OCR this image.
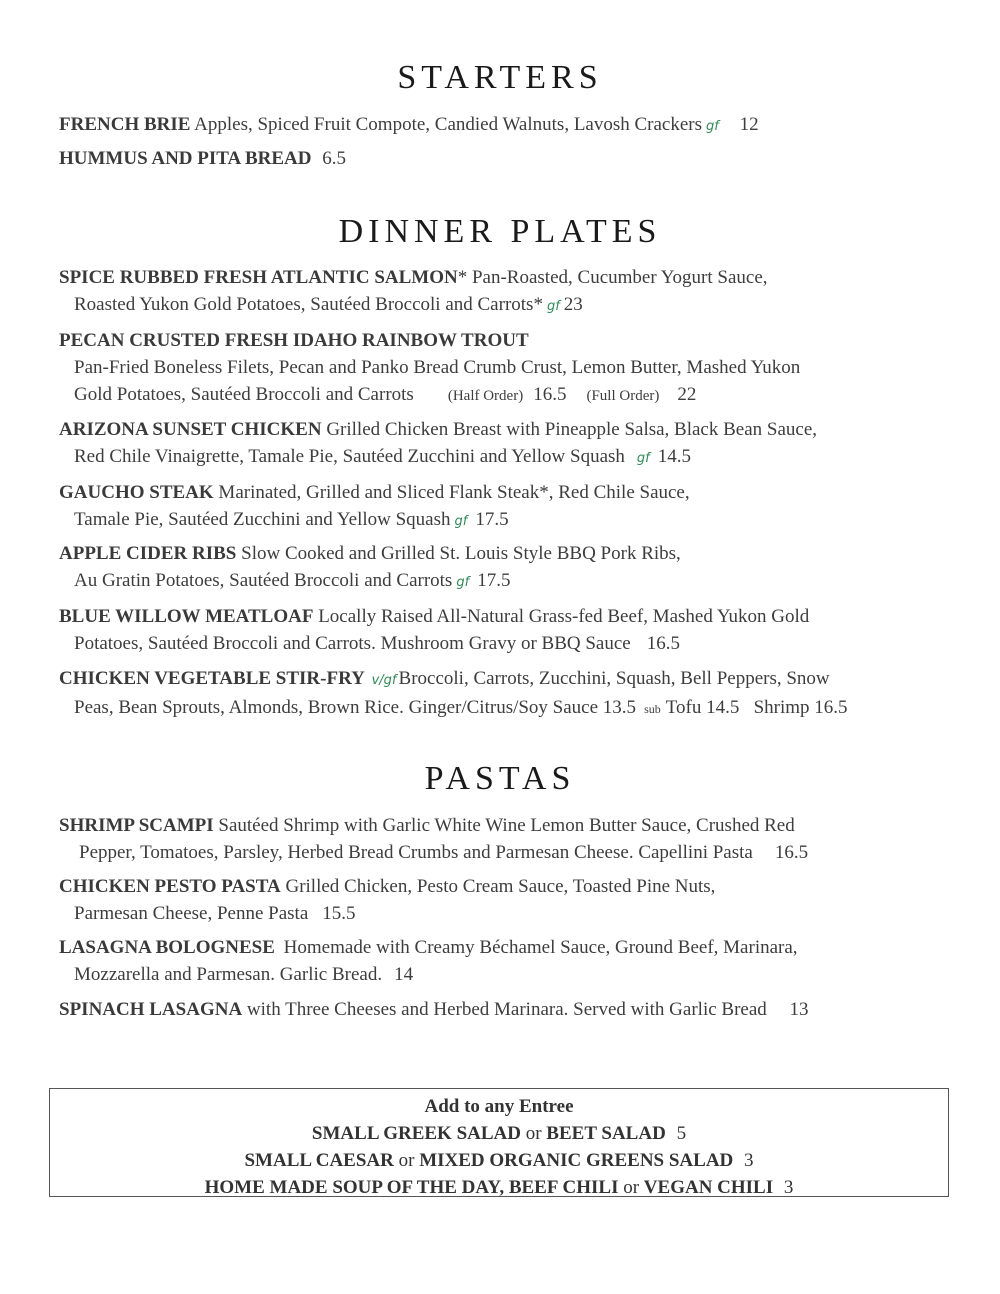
STARTERS
FRENCH BRIE Apples, Spiced Fruit Compote, Candied Walnuts, Lavosh Crackers gf 12
HUMMUS AND PITA BREAD 6.5
DINNER PLATES
SPICE RUBBED FRESH ATLANTIC SALMON* Pan-Roasted, Cucumber Yogurt Sauce,
Roasted Yukon Gold Potatoes, Sautéed Broccoli and Carrots* gf 23
PECAN CRUSTED FRESH IDAHO RAINBOW TROUT
Pan-Fried Boneless Filets, Pecan and Panko Bread Crumb Crust, Lemon Butter, Mashed Yukon
Gold Potatoes, Sautéed Broccoli and Carrots (Half Order) 16.5 (Full Order) 22
ARIZONA SUNSET CHICKEN Grilled Chicken Breast with Pineapple Salsa, Black Bean Sauce,
Red Chile Vinaigrette, Tamale Pie, Sautéed Zucchini and Yellow Squash gf 14.5
GAUCHO STEAK Marinated, Grilled and Sliced Flank Steak*, Red Chile Sauce,
Tamale Pie, Sautéed Zucchini and Yellow Squash gf 17.5
APPLE CIDER RIBS Slow Cooked and Grilled St. Louis Style BBQ Pork Ribs,
Au Gratin Potatoes, Sautéed Broccoli and Carrots gf 17.5
BLUE WILLOW MEATLOAF Locally Raised All-Natural Grass-fed Beef, Mashed Yukon Gold
Potatoes, Sautéed Broccoli and Carrots. Mushroom Gravy or BBQ Sauce 16.5
CHICKEN VEGETABLE STIR-FRY v/gf Broccoli, Carrots, Zucchini, Squash, Bell Peppers, Snow
Peas, Bean Sprouts, Almonds, Brown Rice. Ginger/Citrus/Soy Sauce 13.5 sub Tofu 14.5   Shrimp 16.5
PASTAS
SHRIMP SCAMPI Sautéed Shrimp with Garlic White Wine Lemon Butter Sauce, Crushed Red
Pepper, Tomatoes, Parsley, Herbed Bread Crumbs and Parmesan Cheese. Capellini Pasta 16.5
CHICKEN PESTO PASTA Grilled Chicken, Pesto Cream Sauce, Toasted Pine Nuts,
Parmesan Cheese, Penne Pasta 15.5
LASAGNA BOLOGNESE Homemade with Creamy Béchamel Sauce, Ground Beef, Marinara,
Mozzarella and Parmesan. Garlic Bread. 14
SPINACH LASAGNA with Three Cheeses and Herbed Marinara. Served with Garlic Bread 13
Add to any Entree
SMALL GREEK SALAD or BEET SALAD 5
SMALL CAESAR or MIXED ORGANIC GREENS SALAD 3
HOME MADE SOUP OF THE DAY, BEEF CHILI or VEGAN CHILI 3
